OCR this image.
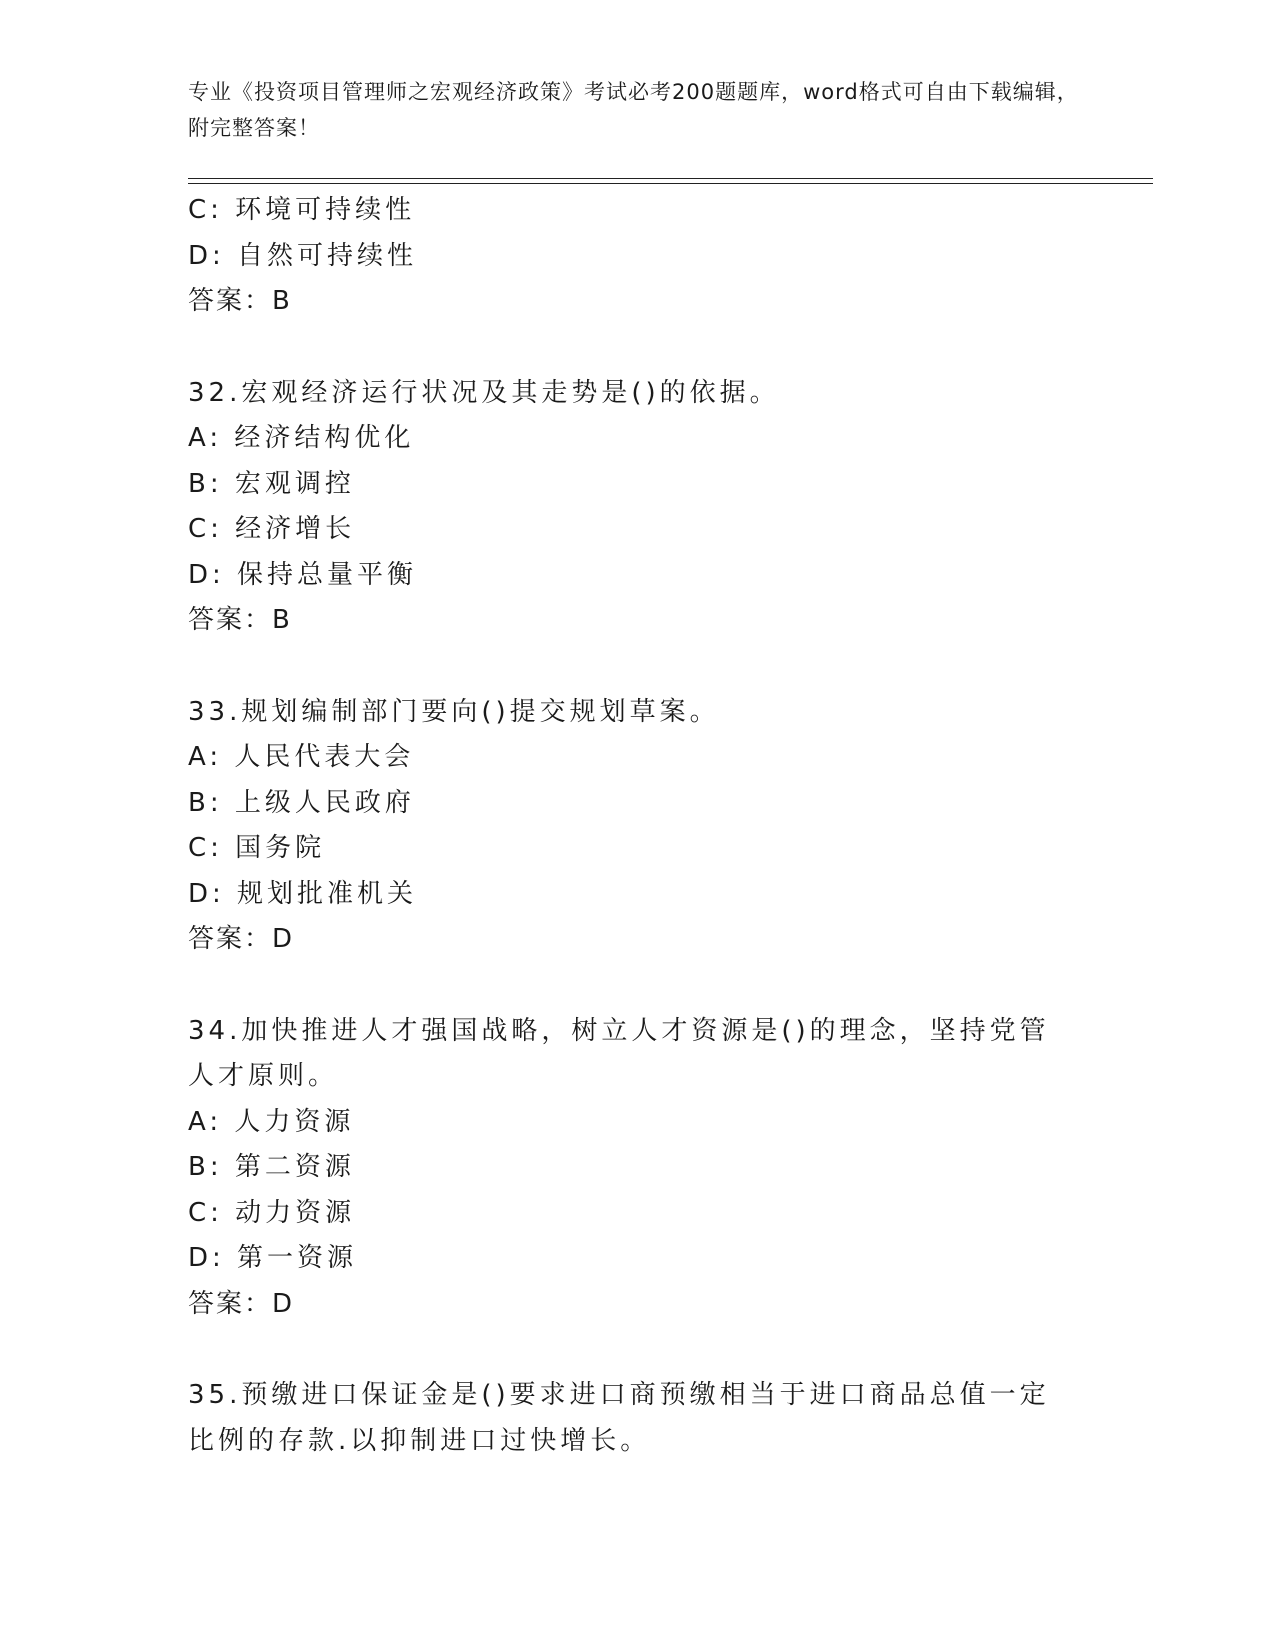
专业《投资项目管理师之宏观经济政策》考试必考200题题库，word格式可自由下载编辑，附完整答案！
C: 环境可持续性
D: 自然可持续性
答案：B
32.宏观经济运行状况及其走势是()的依据。
A: 经济结构优化
B: 宏观调控
C: 经济增长
D: 保持总量平衡
答案：B
33.规划编制部门要向()提交规划草案。
A: 人民代表大会
B: 上级人民政府
C: 国务院
D: 规划批准机关
答案：D
34.加快推进人才强国战略，树立人才资源是()的理念，坚持党管人才原则。
A: 人力资源
B: 第二资源
C: 动力资源
D: 第一资源
答案：D
35.预缴进口保证金是()要求进口商预缴相当于进口商品总值一定比例的存款.以抑制进口过快增长。
